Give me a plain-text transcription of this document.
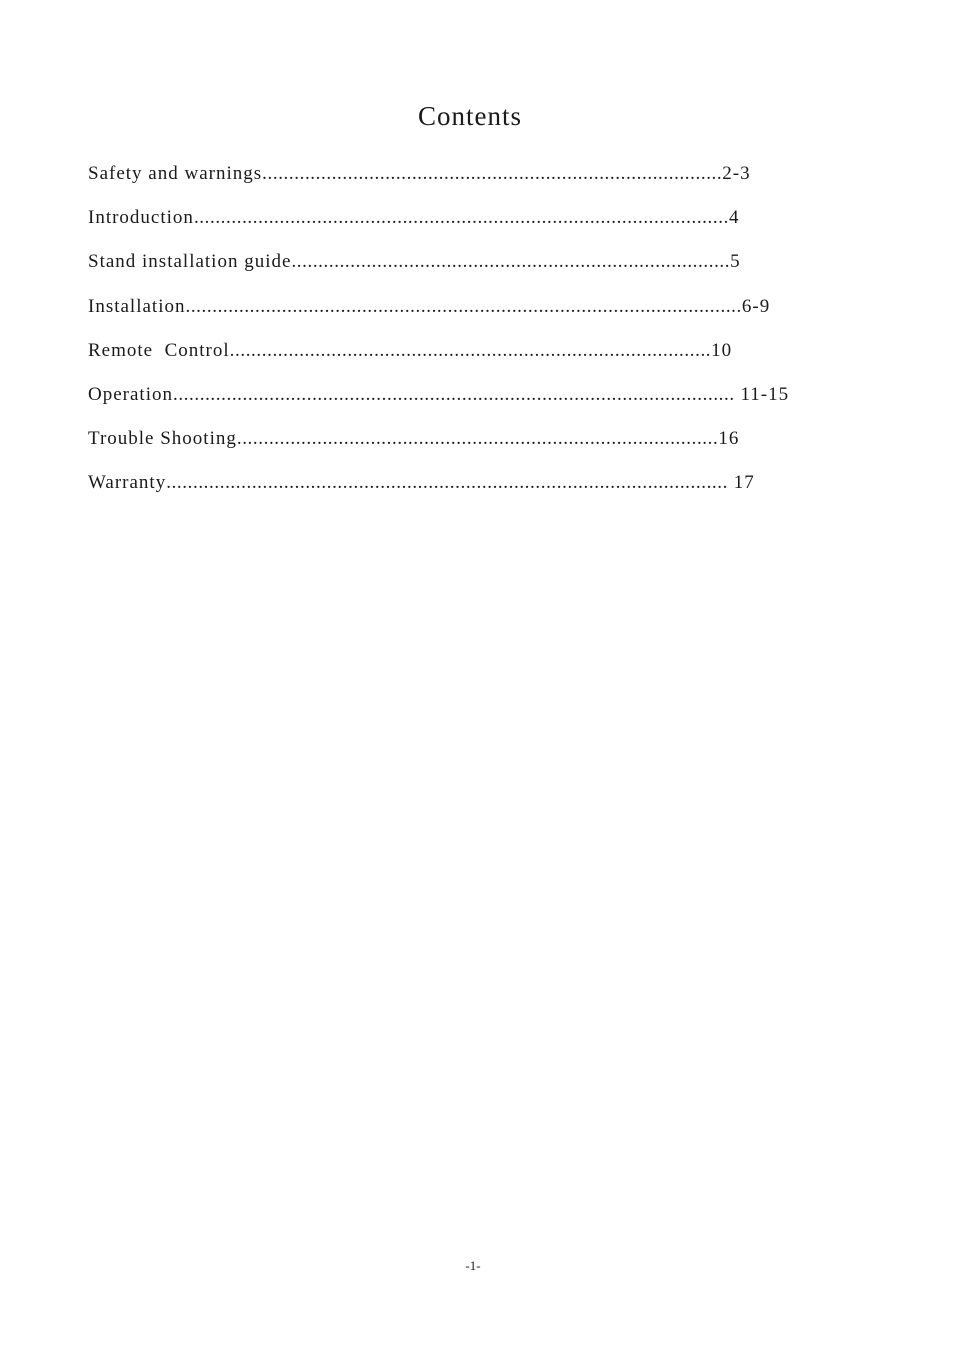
Contents
Safety and warnings......................................................................................2-3
Introduction....................................................................................................4
Stand installation guide..................................................................................5
Installation........................................................................................................6-9
Remote  Control..........................................................................................10
Operation......................................................................................................... 11-15
Trouble Shooting..........................................................................................16
Warranty......................................................................................................... 17
-1-
